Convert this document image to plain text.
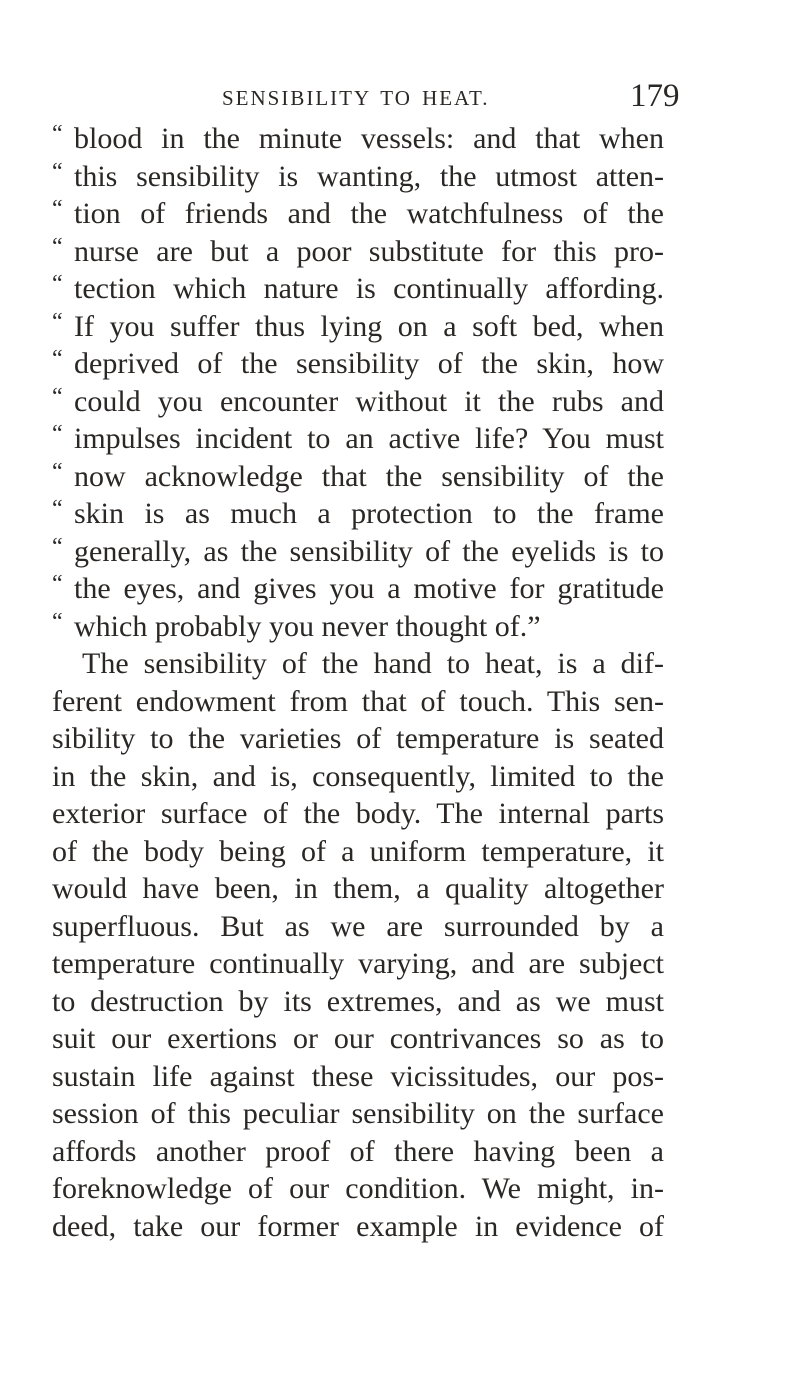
SENSIBILITY TO HEAT.	179
“ blood in the minute vessels: and that when
“ this sensibility is wanting, the utmost atten-
“ tion of friends and the watchfulness of the
“ nurse are but a poor substitute for this pro-
“ tection which nature is continually affording.
“ If you suffer thus lying on a soft bed, when
“ deprived of the sensibility of the skin, how
“ could you encounter without it the rubs and
“ impulses incident to an active life? You must
“ now acknowledge that the sensibility of the
“ skin is as much a protection to the frame
“ generally, as the sensibility of the eyelids is to
“ the eyes, and gives you a motive for gratitude
“ which probably you never thought of.”
The sensibility of the hand to heat, is a dif-
ferent endowment from that of touch. This sen-
sibility to the varieties of temperature is seated
in the skin, and is, consequently, limited to the
exterior surface of the body. The internal parts
of the body being of a uniform temperature, it
would have been, in them, a quality altogether
superfluous. But as we are surrounded by a
temperature continually varying, and are subject
to destruction by its extremes, and as we must
suit our exertions or our contrivances so as to
sustain life against these vicissitudes, our pos-
session of this peculiar sensibility on the surface
affords another proof of there having been a
foreknowledge of our condition. We might, in-
deed, take our former example in evidence of
